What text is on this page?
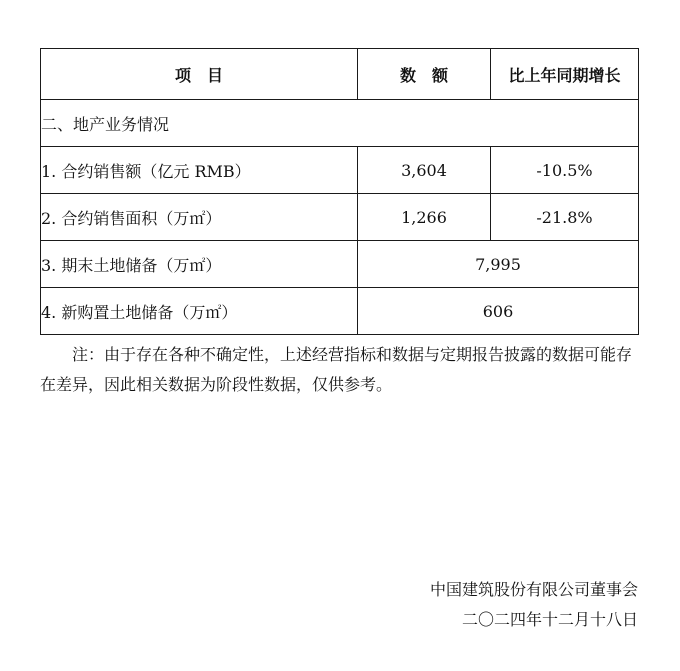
项　目	数　额	比上年同期增长
二、地产业务情况		
1. 合约销售额（亿元 RMB）	3,604	-10.5%
2. 合约销售面积（万㎡）	1,266	-21.8%
3. 期末土地储备（万㎡）	7,995	
4. 新购置土地储备（万㎡）	606	

注：由于存在各种不确定性，上述经营指标和数据与定期报告披露的数据可能存在差异，因此相关数据为阶段性数据，仅供参考。

中国建筑股份有限公司董事会
二〇二四年十二月十八日
